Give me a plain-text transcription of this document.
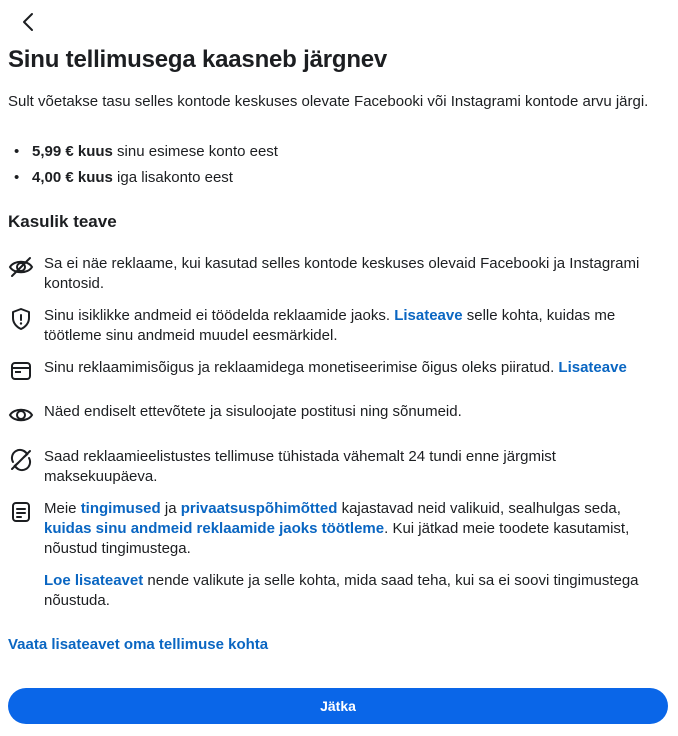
Sinu tellimusega kaasneb järgnev
Sult võetakse tasu selles kontode keskuses olevate Facebooki või Instagrami kontode arvu järgi.
• 5,99 € kuus sinu esimese konto eest
• 4,00 € kuus iga lisakonto eest
Kasulik teave
Sa ei näe reklaame, kui kasutad selles kontode keskuses olevaid Facebooki ja Instagrami kontosid.
Sinu isiklikke andmeid ei töödelda reklaamide jaoks. Lisateave selle kohta, kuidas me töötleme sinu andmeid muudel eesmärkidel.
Sinu reklaamimisõigus ja reklaamidega monetiseerimise õigus oleks piiratud. Lisateave
Näed endiselt ettevõtete ja sisuloojate postitusi ning sõnumeid.
Saad reklaamieelistustes tellimuse tühistada vähemalt 24 tundi enne järgmist maksekuupäeva.
Meie tingimused ja privaatsuspõhimõtted kajastavad neid valikuid, sealhulgas seda, kuidas sinu andmeid reklaamide jaoks töötleme. Kui jätkad meie toodete kasutamist, nõustud tingimustega.
Loe lisateavet nende valikute ja selle kohta, mida saad teha, kui sa ei soovi tingimustega nõustuda.
Vaata lisateavet oma tellimuse kohta
Jätka
